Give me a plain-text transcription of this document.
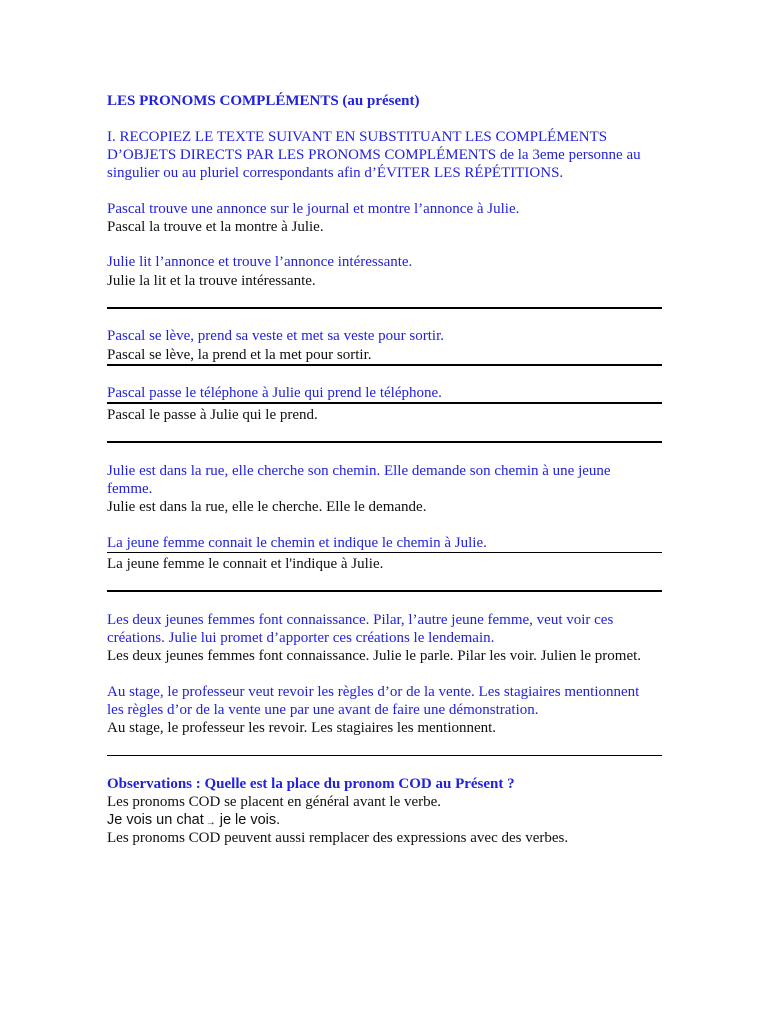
LES PRONOMS COMPLÉMENTS (au présent)
I. RECOPIEZ LE TEXTE SUIVANT EN SUBSTITUANT LES COMPLÉMENTS
D’OBJETS DIRECTS PAR LES PRONOMS COMPLÉMENTS de la 3eme personne au
singulier ou au pluriel correspondants afin d’ÉVITER LES RÉPÉTITIONS.
Pascal trouve une annonce sur le journal et montre l’annonce à Julie.
Pascal la trouve et la montre à Julie.
Julie lit l’annonce et trouve l’annonce intéressante.
Julie la lit et la trouve intéressante.
Pascal se lève, prend sa veste et met sa veste pour sortir.
Pascal se lève, la prend et la met pour sortir.
Pascal passe le téléphone à Julie qui prend le téléphone.
Pascal le passe à Julie qui le prend.
Julie est dans la rue, elle cherche son chemin. Elle demande son chemin à une jeune
femme.
Julie est dans la rue, elle le cherche. Elle le demande.
La jeune femme connait le chemin et indique le chemin à Julie.
La jeune femme le connait et l'indique à Julie.
Les deux jeunes femmes font connaissance. Pilar, l’autre jeune femme, veut voir ces
créations. Julie lui promet d’apporter ces créations le lendemain.
Les deux jeunes femmes font connaissance. Julie le parle. Pilar les voir. Julien le promet.
Au stage, le professeur veut revoir les règles d’or de la vente. Les stagiaires mentionnent
les règles d’or de la vente une par une avant de faire une démonstration.
Au stage, le professeur les revoir. Les stagiaires les mentionnent.
Observations : Quelle est la place du pronom COD au Présent ?
Les pronoms COD se placent en général avant le verbe.
Je vois un chat → je le vois.
Les pronoms COD peuvent aussi remplacer des expressions avec des verbes.
